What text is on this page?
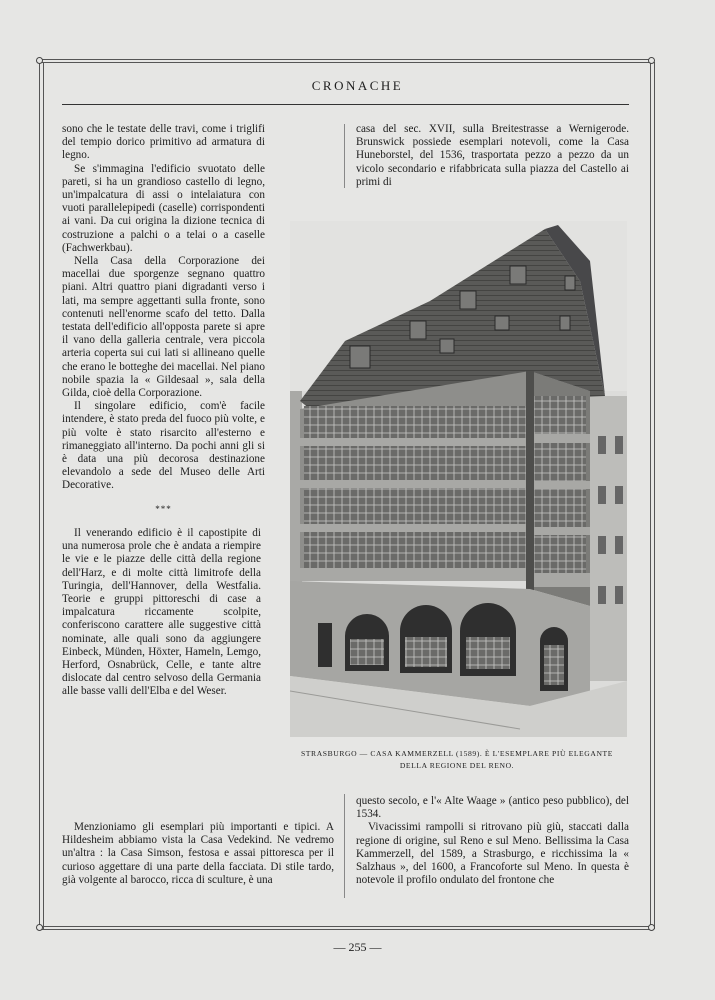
CRONACHE

sono che le testate delle travi, come i triglifi del tempio dorico primitivo ad armatura di legno.

Se s'immagina l'edificio svuotato delle pareti, si ha un grandioso castello di legno, un'impalcatura di assi o intelaiatura con vuoti parallelepipedi (caselle) corrispondenti ai vani. Da cui origina la dizione tecnica di costruzione a palchi o a telai o a caselle (Fachwerkbau).

Nella Casa della Corporazione dei macellai due sporgenze segnano quattro piani. Altri quattro piani digradanti verso i lati, ma sempre aggettanti sulla fronte, sono contenuti nell'enorme scafo del tetto. Dalla testata dell'edificio all'opposta parete si apre il vano della galleria centrale, vera piccola arteria coperta sui cui lati si allineano quelle che erano le botteghe dei macellai. Nel piano nobile spazia la « Gildesaal », sala della Gilda, cioè della Corporazione.

Il singolare edificio, com'è facile intendere, è stato preda del fuoco più volte, e più volte è stato risarcito all'esterno e rimaneggiato all'interno. Da pochi anni gli si è data una più decorosa destinazione elevandolo a sede del Museo delle Arti Decorative.

***

Il venerando edificio è il capostipite di una numerosa prole che è andata a riempire le vie e le piazze delle città della regione dell'Harz, e di molte città limitrofe della Turingia, dell'Hannover, della Westfalia. Teorie e gruppi pittoreschi di case a impalcatura riccamente scolpite, conferiscono carattere alle suggestive città nominate, alle quali sono da aggiungere Einbeck, Münden, Höxter, Hameln, Lemgo, Herford, Osnabrück, Celle, e tante altre dislocate dal centro selvoso della Germania alle basse valli dell'Elba e del Weser.

Menzioniamo gli esemplari più importanti e tipici. A Hildesheim abbiamo vista la Casa Vedekind. Ne vedremo un'altra : la Casa Simson, festosa e assai pittoresca per il curioso aggettare di una parte della facciata. Di stile tardo, già volgente al barocco, ricca di sculture, è una

casa del sec. XVII, sulla Breitestrasse a Wernigerode. Brunswick possiede esemplari notevoli, come la Casa Huneborstel, del 1536, trasportata pezzo a pezzo da un vicolo secondario e rifabbricata sulla piazza del Castello ai primi di

STRASBURGO — CASA KAMMERZELL (1589). È L'ESEMPLARE PIÙ ELEGANTE
DELLA REGIONE DEL RENO.

questo secolo, e l'« Alte Waage » (antico peso pubblico), del 1534.

Vivacissimi rampolli si ritrovano più giù, staccati dalla regione di origine, sul Reno e sul Meno. Bellissima la Casa Kammerzell, del 1589, a Strasburgo, e ricchissima la « Salzhaus », del 1600, a Francoforte sul Meno. In questa è notevole il profilo ondulato del frontone che

— 255 —
